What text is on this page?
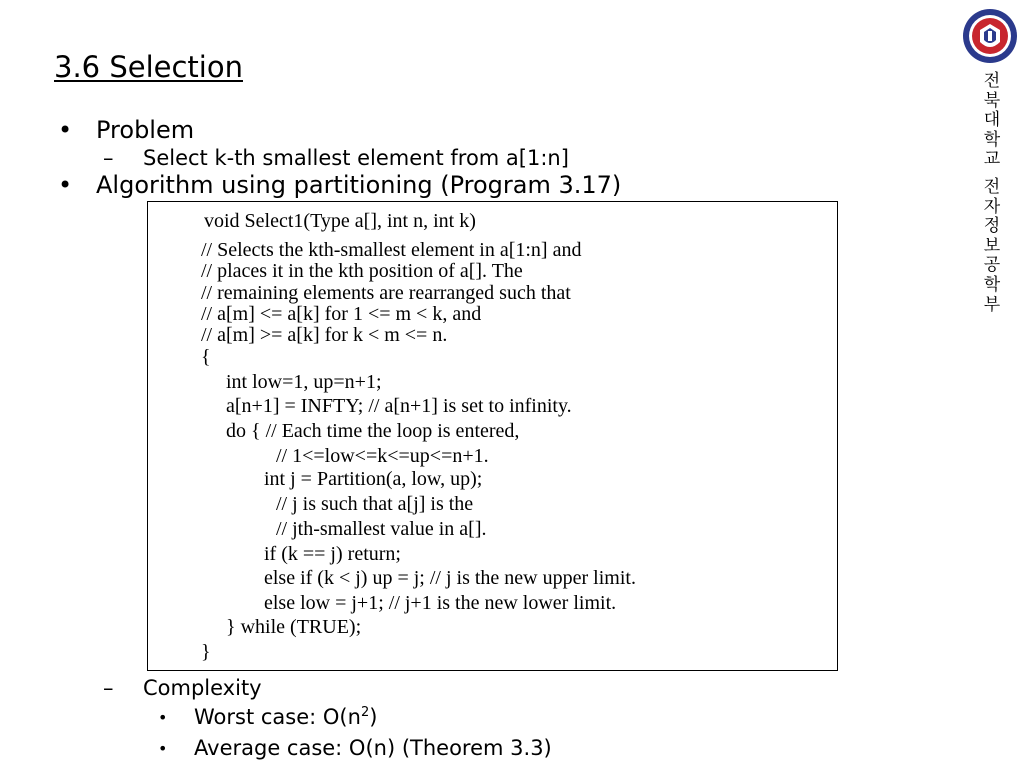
3.6 Selection
• Problem
– Select k-th smallest element from a[1:n]
• Algorithm using partitioning (Program 3.17)
void Select1(Type a[], int n, int k)
// Selects the kth-smallest element in a[1:n] and
// places it in the kth position of a[]. The
// remaining elements are rearranged such that
// a[m] <= a[k] for 1 <= m < k, and
// a[m] >= a[k] for k < m <= n.
{
int low=1, up=n+1;
a[n+1] = INFTY; // a[n+1] is set to infinity.
do { // Each time the loop is entered,
// 1<=low<=k<=up<=n+1.
int j = Partition(a, low, up);
// j is such that a[j] is the
// jth-smallest value in a[].
if (k == j) return;
else if (k < j) up = j; // j is the new upper limit.
else low = j+1; // j+1 is the new lower limit.
} while (TRUE);
}
– Complexity
• Worst case: $O(n^2)$
• Average case: O(n) (Theorem 3.3)
전
북
대
학
교
전
자
정
보
공
학
부
